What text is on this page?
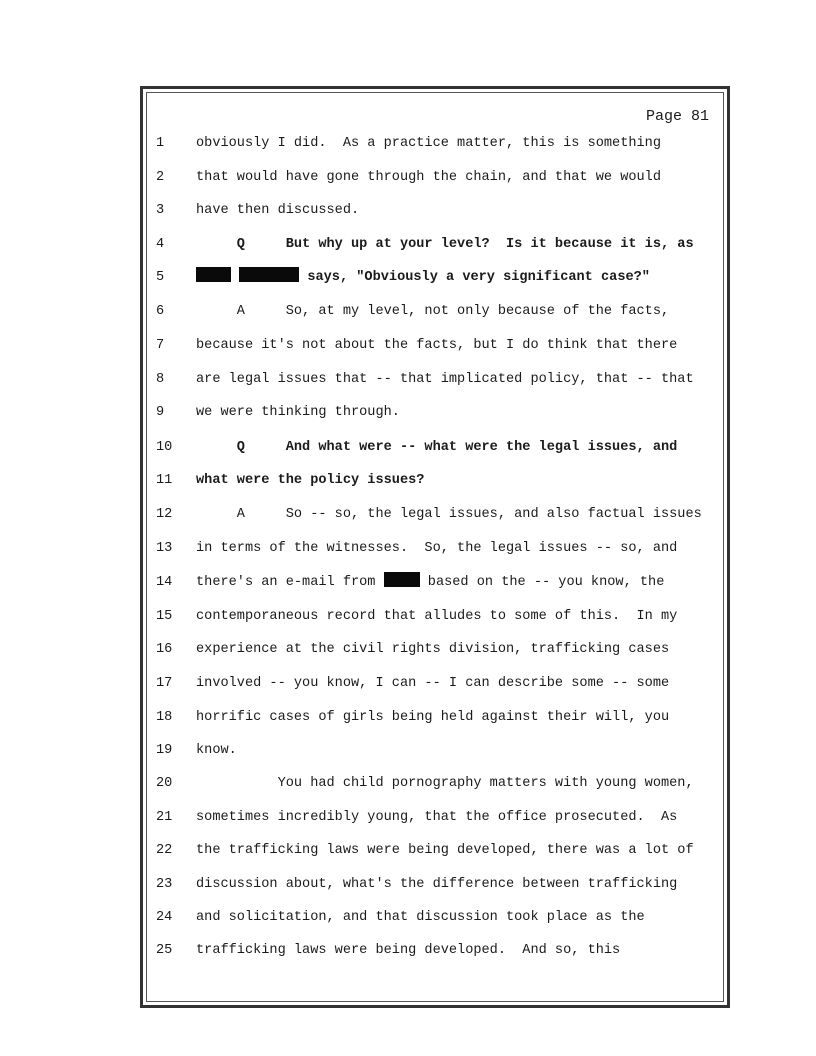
Page 81
1	obviously I did.  As a practice matter, this is something
2	that would have gone through the chain, and that we would
3	have then discussed.
4	Q     But why up at your level?  Is it because it is, as
5	says, "Obviously a very significant case?"
6	A     So, at my level, not only because of the facts,
7	because it's not about the facts, but I do think that there
8	are legal issues that -- that implicated policy, that -- that
9	we were thinking through.
10	Q     And what were -- what were the legal issues, and
11	what were the policy issues?
12	A     So -- so, the legal issues, and also factual issues
13	in terms of the witnesses.  So, the legal issues -- so, and
14	there's an e-mail from	based on the -- you know, the
15	contemporaneous record that alludes to some of this.  In my
16	experience at the civil rights division, trafficking cases
17	involved -- you know, I can -- I can describe some -- some
18	horrific cases of girls being held against their will, you
19	know.
20	You had child pornography matters with young women,
21	sometimes incredibly young, that the office prosecuted.  As
22	the trafficking laws were being developed, there was a lot of
23	discussion about, what's the difference between trafficking
24	and solicitation, and that discussion took place as the
25	trafficking laws were being developed.  And so, this
